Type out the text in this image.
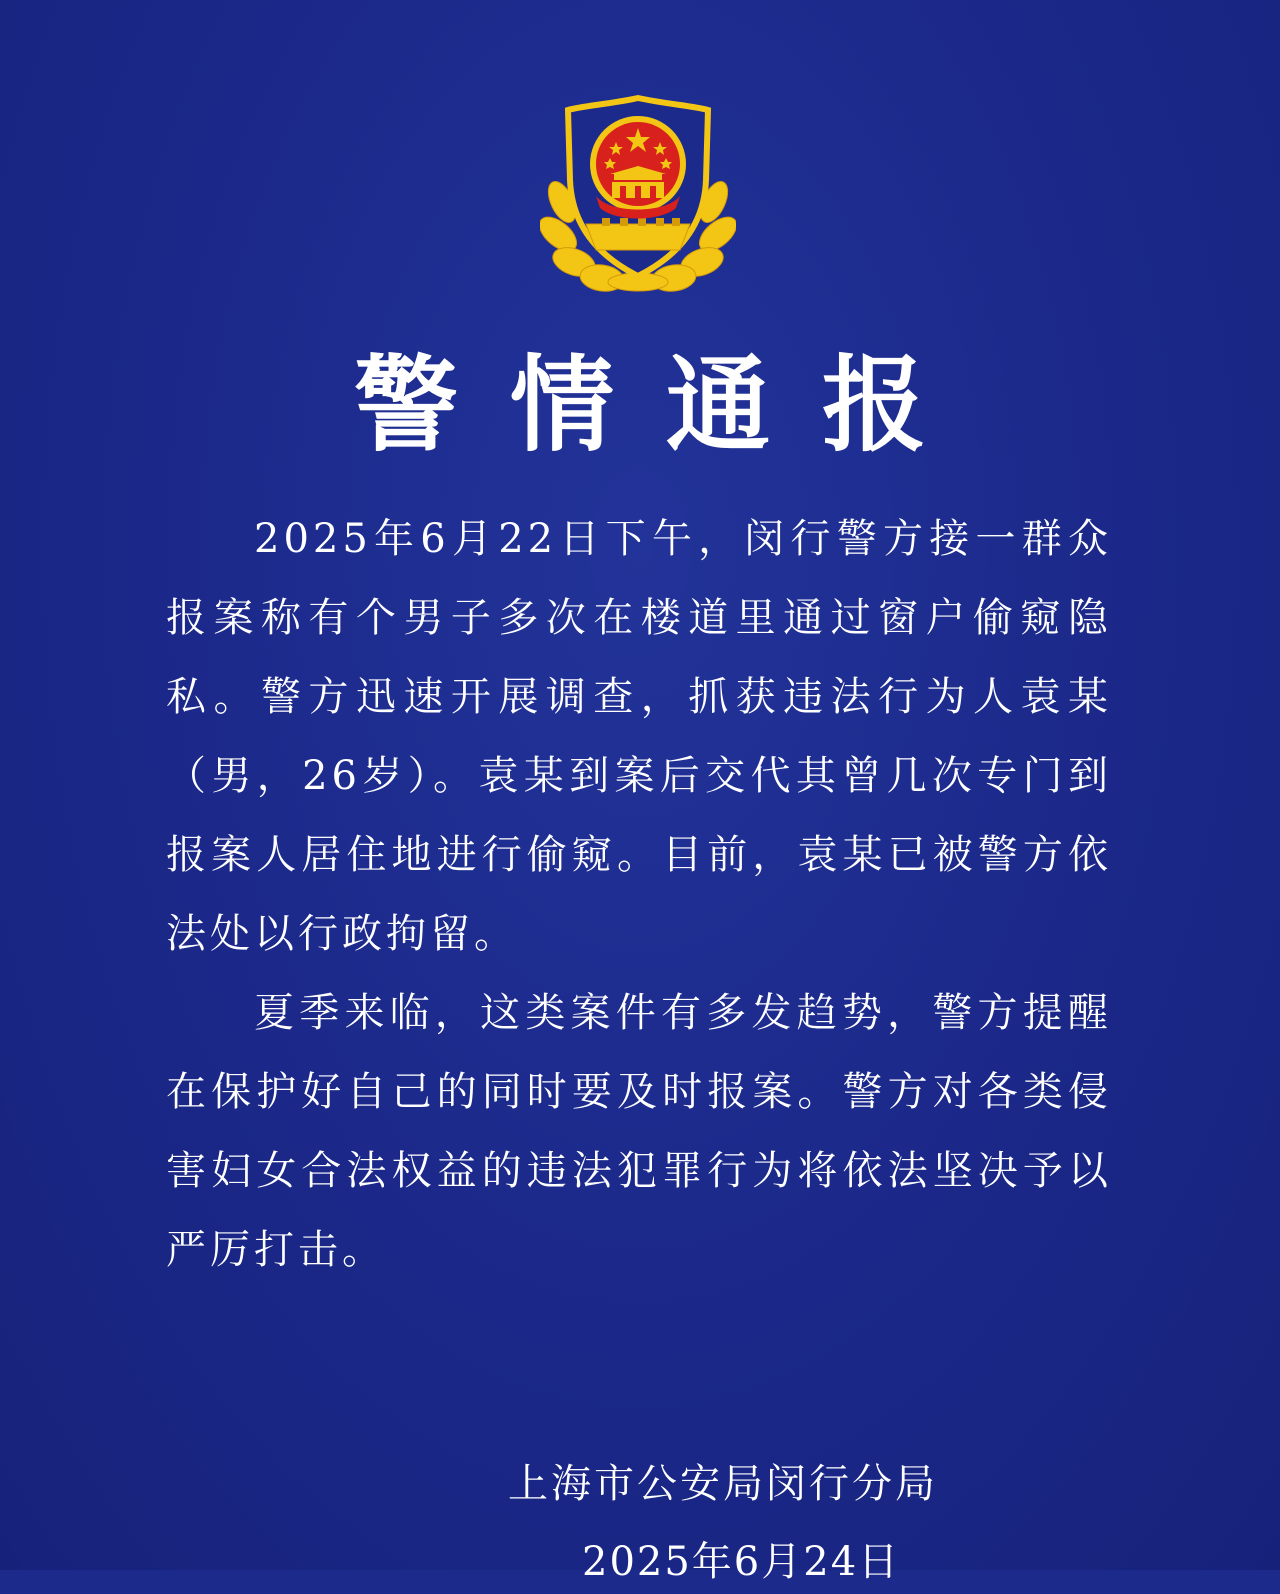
警情通报

2025年6月22日下午，闵行警方接一群众报案称有个男子多次在楼道里通过窗户偷窥隐私。警方迅速开展调查，抓获违法行为人袁某（男，26岁）。袁某到案后交代其曾几次专门到报案人居住地进行偷窥。目前，袁某已被警方依法处以行政拘留。

夏季来临，这类案件有多发趋势，警方提醒在保护好自己的同时要及时报案。警方对各类侵害妇女合法权益的违法犯罪行为将依法坚决予以严厉打击。

上海市公安局闵行分局
2025年6月24日
